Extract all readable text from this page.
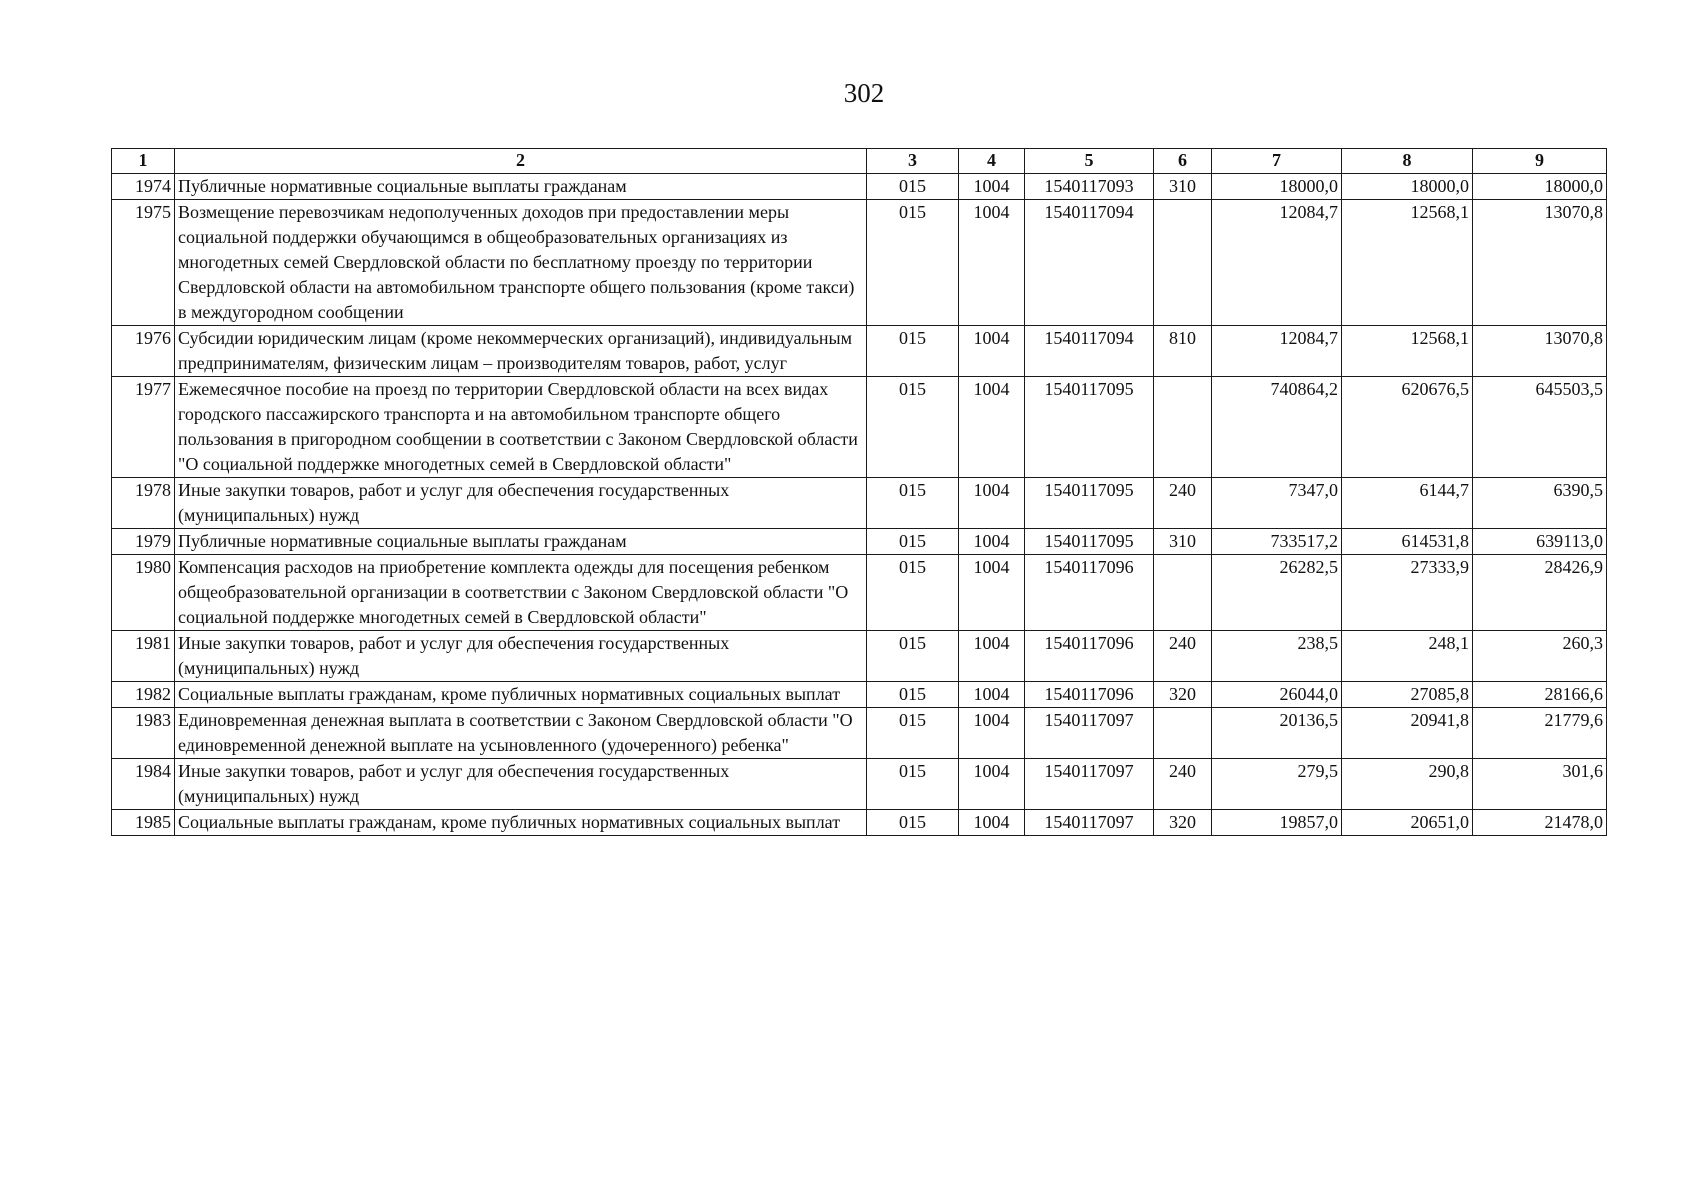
302
1	2	3	4	5	6	7	8	9
1974	Публичные нормативные социальные выплаты гражданам	015	1004	1540117093	310	18000,0	18000,0	18000,0
1975	Возмещение перевозчикам недополученных доходов при предоставлении меры социальной поддержки обучающимся в общеобразовательных организациях из многодетных семей Свердловской области по бесплатному проезду по территории Свердловской области на автомобильном транспорте общего пользования (кроме такси) в междугородном сообщении	015	1004	1540117094		12084,7	12568,1	13070,8
1976	Субсидии юридическим лицам (кроме некоммерческих организаций), индивидуальным предпринимателям, физическим лицам – производителям товаров, работ, услуг	015	1004	1540117094	810	12084,7	12568,1	13070,8
1977	Ежемесячное пособие на проезд по территории Свердловской области на всех видах городского пассажирского транспорта и на автомобильном транспорте общего пользования в пригородном сообщении в соответствии с Законом Свердловской области "О социальной поддержке многодетных семей в Свердловской области"	015	1004	1540117095		740864,2	620676,5	645503,5
1978	Иные закупки товаров, работ и услуг для обеспечения государственных (муниципальных) нужд	015	1004	1540117095	240	7347,0	6144,7	6390,5
1979	Публичные нормативные социальные выплаты гражданам	015	1004	1540117095	310	733517,2	614531,8	639113,0
1980	Компенсация расходов на приобретение комплекта одежды для посещения ребенком общеобразовательной организации в соответствии с Законом Свердловской области "О социальной поддержке многодетных семей в Свердловской области"	015	1004	1540117096		26282,5	27333,9	28426,9
1981	Иные закупки товаров, работ и услуг для обеспечения государственных (муниципальных) нужд	015	1004	1540117096	240	238,5	248,1	260,3
1982	Социальные выплаты гражданам, кроме публичных нормативных социальных выплат	015	1004	1540117096	320	26044,0	27085,8	28166,6
1983	Единовременная денежная выплата в соответствии с Законом Свердловской области "О единовременной денежной выплате на усыновленного (удочеренного) ребенка"	015	1004	1540117097		20136,5	20941,8	21779,6
1984	Иные закупки товаров, работ и услуг для обеспечения государственных (муниципальных) нужд	015	1004	1540117097	240	279,5	290,8	301,6
1985	Социальные выплаты гражданам, кроме публичных нормативных социальных выплат	015	1004	1540117097	320	19857,0	20651,0	21478,0
